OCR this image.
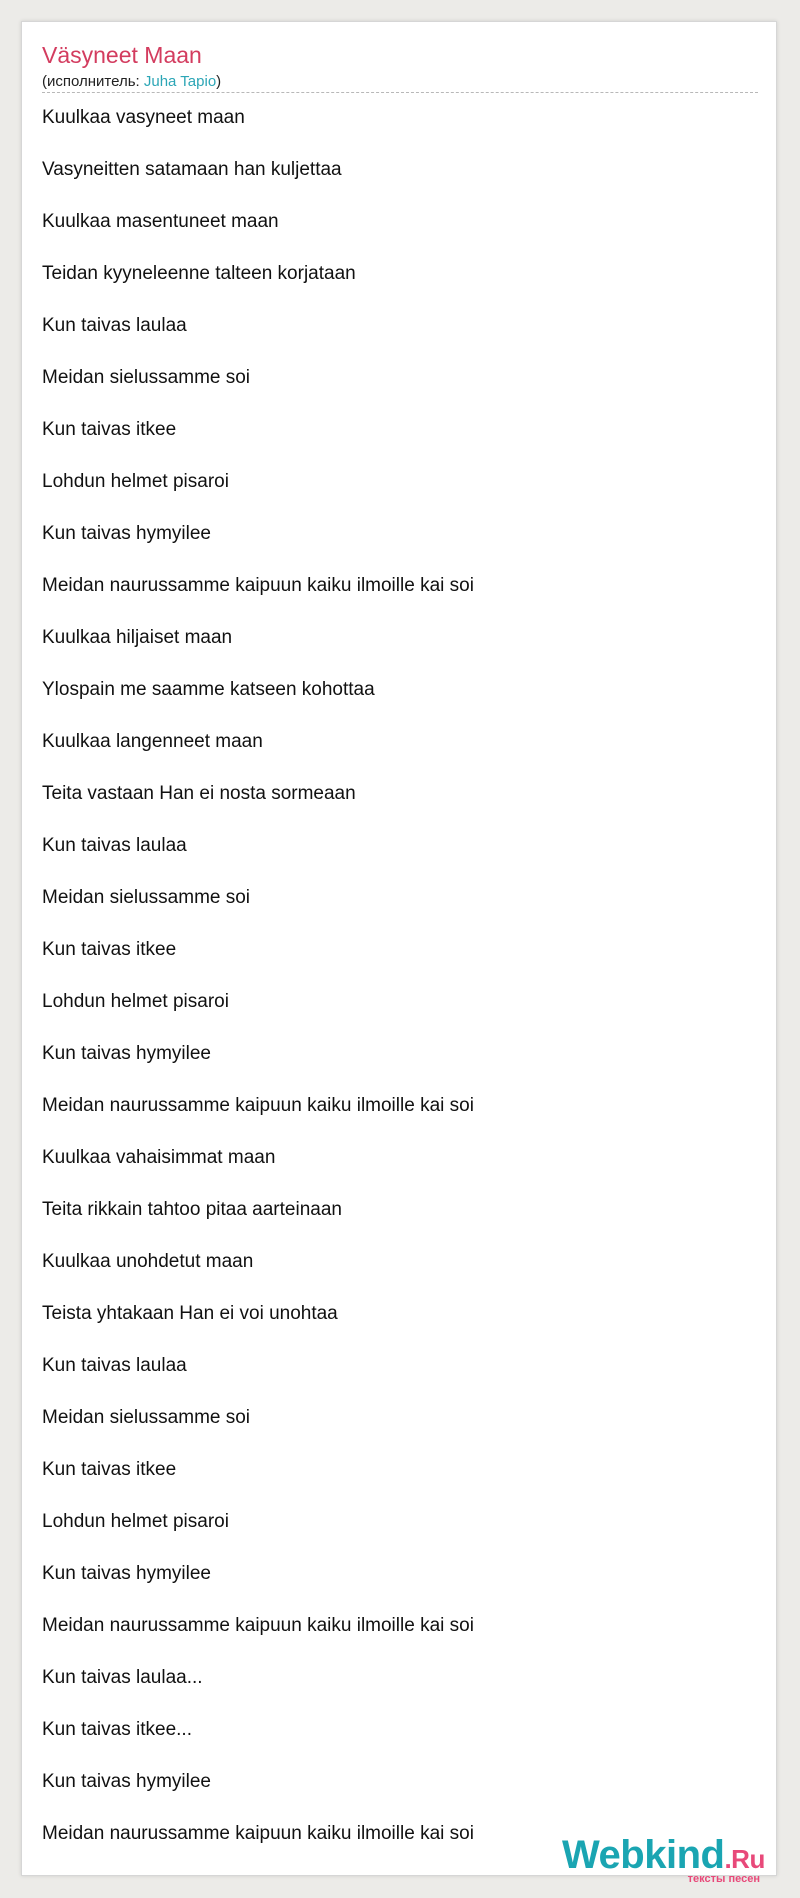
Väsyneet Maan
(исполнитель: Juha Tapio)
Kuulkaa vasyneet maan
Vasyneitten satamaan han kuljettaa
Kuulkaa masentuneet maan
Teidan kyyneleenne talteen korjataan
Kun taivas laulaa
Meidan sielussamme soi
Kun taivas itkee
Lohdun helmet pisaroi
Kun taivas hymyilee
Meidan naurussamme kaipuun kaiku ilmoille kai soi
Kuulkaa hiljaiset maan
Ylospain me saamme katseen kohottaa
Kuulkaa langenneet maan
Teita vastaan Han ei nosta sormeaan
Kun taivas laulaa
Meidan sielussamme soi
Kun taivas itkee
Lohdun helmet pisaroi
Kun taivas hymyilee
Meidan naurussamme kaipuun kaiku ilmoille kai soi
Kuulkaa vahaisimmat maan
Teita rikkain tahtoo pitaa aarteinaan
Kuulkaa unohdetut maan
Teista yhtakaan Han ei voi unohtaa
Kun taivas laulaa
Meidan sielussamme soi
Kun taivas itkee
Lohdun helmet pisaroi
Kun taivas hymyilee
Meidan naurussamme kaipuun kaiku ilmoille kai soi
Kun taivas laulaa...
Kun taivas itkee...
Kun taivas hymyilee
Meidan naurussamme kaipuun kaiku ilmoille kai soi Webkind.Ru
тексты песен
